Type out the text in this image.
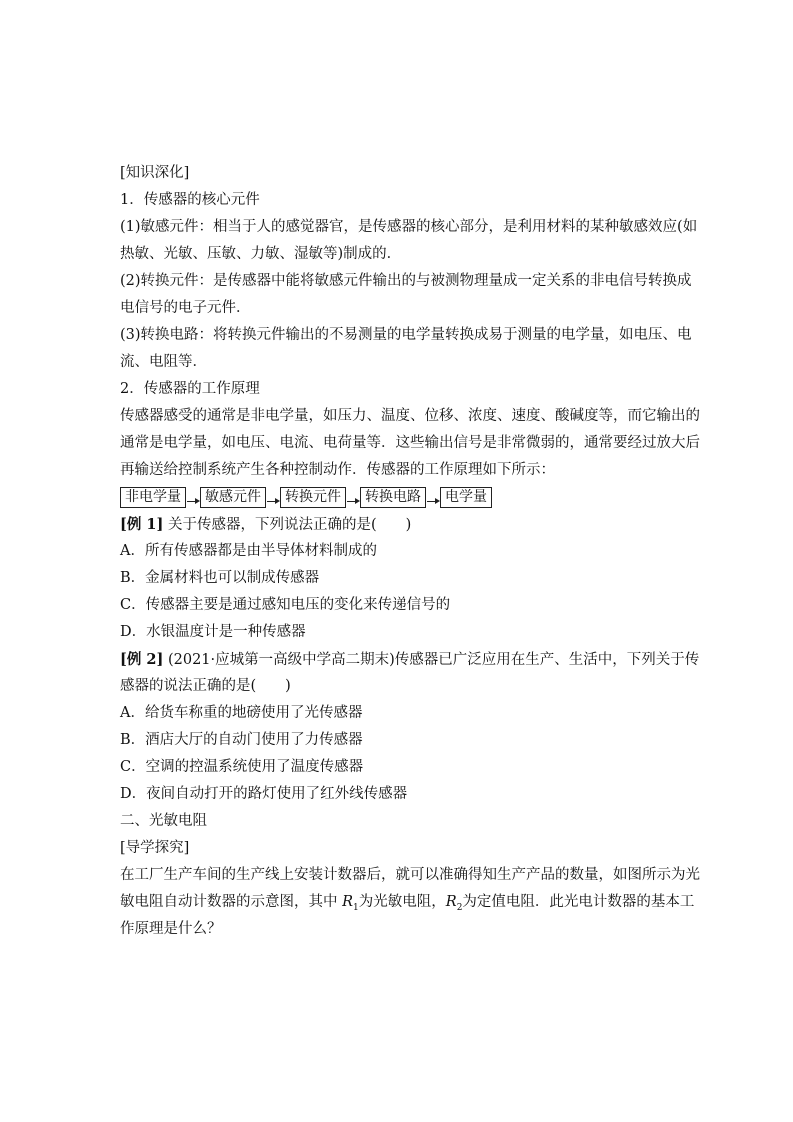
[知识深化]
1．传感器的核心元件
(1)敏感元件：相当于人的感觉器官，是传感器的核心部分，是利用材料的某种敏感效应(如
热敏、光敏、压敏、力敏、湿敏等)制成的．
(2)转换元件：是传感器中能将敏感元件输出的与被测物理量成一定关系的非电信号转换成
电信号的电子元件．
(3)转换电路：将转换元件输出的不易测量的电学量转换成易于测量的电学量，如电压、电
流、电阻等．
2．传感器的工作原理
传感器感受的通常是非电学量，如压力、温度、位移、浓度、速度、酸碱度等，而它输出的
通常是电学量，如电压、电流、电荷量等．这些输出信号是非常微弱的，通常要经过放大后
再输送给控制系统产生各种控制动作．传感器的工作原理如下所示：
非电学量	敏感元件	转换元件	转换电路	电学量
[例 1] 关于传感器，下列说法正确的是(　　)
A．所有传感器都是由半导体材料制成的
B．金属材料也可以制成传感器
C．传感器主要是通过感知电压的变化来传递信号的
D．水银温度计是一种传感器
[例 2] (2021·应城第一高级中学高二期末)传感器已广泛应用在生产、生活中，下列关于传
感器的说法正确的是(　　)
A．给货车称重的地磅使用了光传感器
B．酒店大厅的自动门使用了力传感器
C．空调的控温系统使用了温度传感器
D．夜间自动打开的路灯使用了红外线传感器
二、光敏电阻
[导学探究]
在工厂生产车间的生产线上安装计数器后，就可以准确得知生产产品的数量，如图所示为光
敏电阻自动计数器的示意图，其中 $R_1$为光敏电阻，$R_2$为定值电阻．此光电计数器的基本工
作原理是什么？
